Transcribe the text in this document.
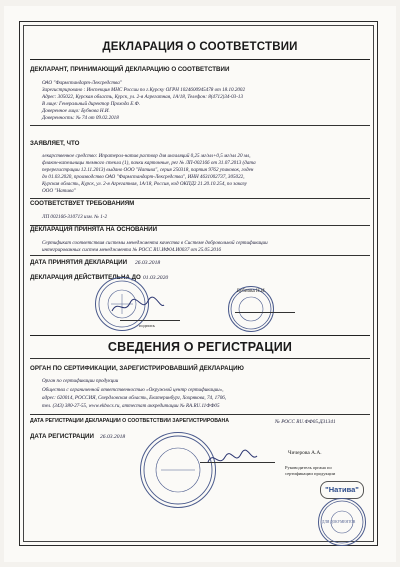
ДЕКЛАРАЦИЯ О СООТВЕТСТВИИ
ДЕКЛАРАНТ, ПРИНИМАЮЩИЙ ДЕКЛАРАЦИЮ О СООТВЕТСТВИИ
ОАО "Фармстандарт-Лексредства"
Зарегистрировано : Инспекция МНС России по г.Курску ОГРН 1024600945478 от 18.10.2002
Адрес: 305022, Курская область, Курск, ул. 2-я Агрегатная, 1А/18, Телефон: 8(4712)34-03-13
В лице: Генеральный директор Прохода Е.Ф.
Доверенное лицо: Бубнова Н.И.
Доверенность: № 74 от 09.02.2018
ЗАЯВЛЯЕТ, ЧТО
лекарственное средство: Ипратерол-натив раствор для ингаляций 0,25 мг/мл+0,5 мг/мл 20 мл,
флакон-капельницы темного стекла (1), пачки картонные, рег № ЛП-002166 от 31.07.2013 (дата
перерегистрации 12.11.2013) выдано ООО "Натива", серия 250318, партия 9762 упаковок, годен
до 01.03.2020, производство ОАО "Фармстандарт-Лексредства", ИНН 4631002737, 305022,
Курская область, Курск, ул. 2-я Агрегатная, 1А/18, Россия, код ОКПД2 21.20.10.254, по заказу
ООО "Натива"
СООТВЕТСТВУЕТ ТРЕБОВАНИЯМ
ЛП 002166-310713 изм. № 1-2
ДЕКЛАРАЦИЯ ПРИНЯТА НА ОСНОВАНИИ
Сертификат соответствия системы менеджмента качества в Системе добровольной сертификации
интегрированных систем менеджмента № РОСС RU.ИФ04.И0037 от 25.05.2016
ДАТА ПРИНЯТИЯ ДЕКЛАРАЦИИ 26.03.2018
ДЕКЛАРАЦИЯ ДЕЙСТВИТЕЛЬНА ДО 01.03.2020
подпись
Бубнова Н.И.
СВЕДЕНИЯ О РЕГИСТРАЦИИ
ОРГАН ПО СЕРТИФИКАЦИИ, ЗАРЕГИСТРИРОВАВШИЙ ДЕКЛАРАЦИЮ
Орган по сертификации продукции
Общества с ограниченной ответственностью «Окружной центр сертификации»,
адрес: 620014, РОССИЯ, Свердловская область, Екатеринбург, Хохрякова, 74, 1706,
тел. (343) 380-27-55, www.ekbocs.ru, аттестат аккредитации № RA.RU.11ФФ05
ДАТА РЕГИСТРАЦИИ ДЕКЛАРАЦИИ О СООТВЕТСТВИИ ЗАРЕГИСТРИРОВАНА	№ РОСС RU.ФФ05.Д31341
ДАТА РЕГИСТРАЦИИ 26.03.2018
Чичерова А.А.
Руководитель органа по
сертификации продукции
"Натива"
ДЛЯ ДОКУМЕНТОВ
